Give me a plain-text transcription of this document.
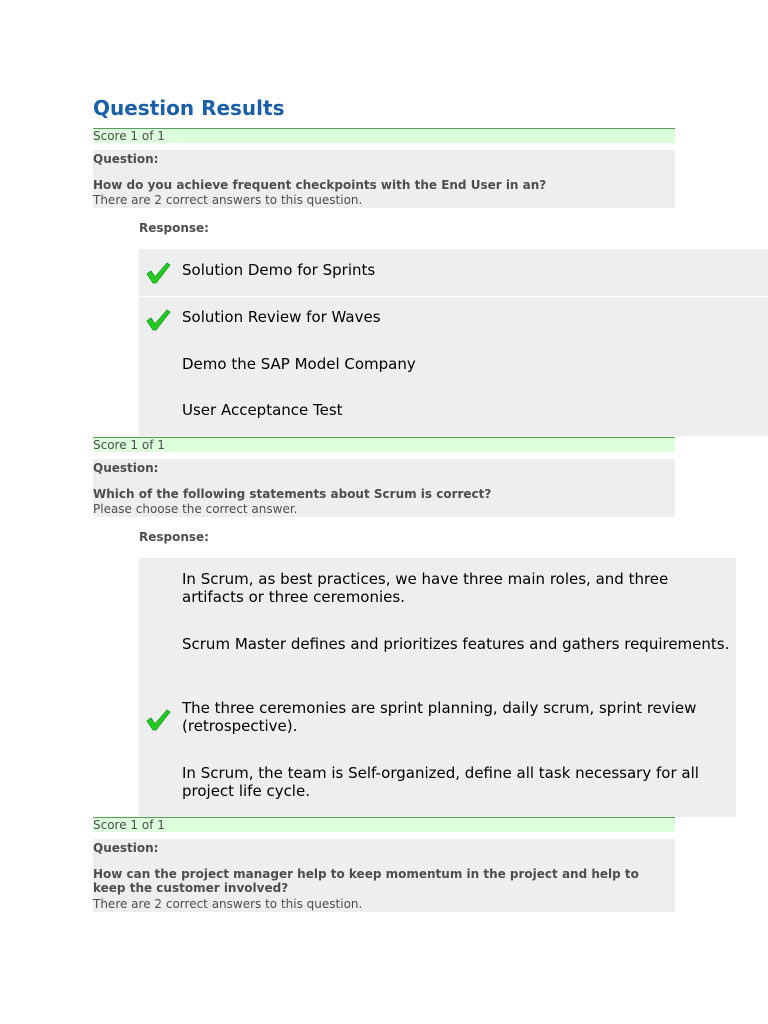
Question Results
Score 1 of 1
Question:
How do you achieve frequent checkpoints with the End User in an?
There are 2 correct answers to this question.
Response:
Solution Demo for Sprints
Solution Review for Waves
Demo the SAP Model Company
User Acceptance Test
Score 1 of 1
Question:
Which of the following statements about Scrum is correct?
Please choose the correct answer.
Response:
In Scrum, as best practices, we have three main roles, and three artifacts or three ceremonies.
Scrum Master defines and prioritizes features and gathers requirements.
The three ceremonies are sprint planning, daily scrum, sprint review (retrospective).
In Scrum, the team is Self-organized, define all task necessary for all project life cycle.
Score 1 of 1
Question:
How can the project manager help to keep momentum in the project and help to keep the customer involved?
There are 2 correct answers to this question.
